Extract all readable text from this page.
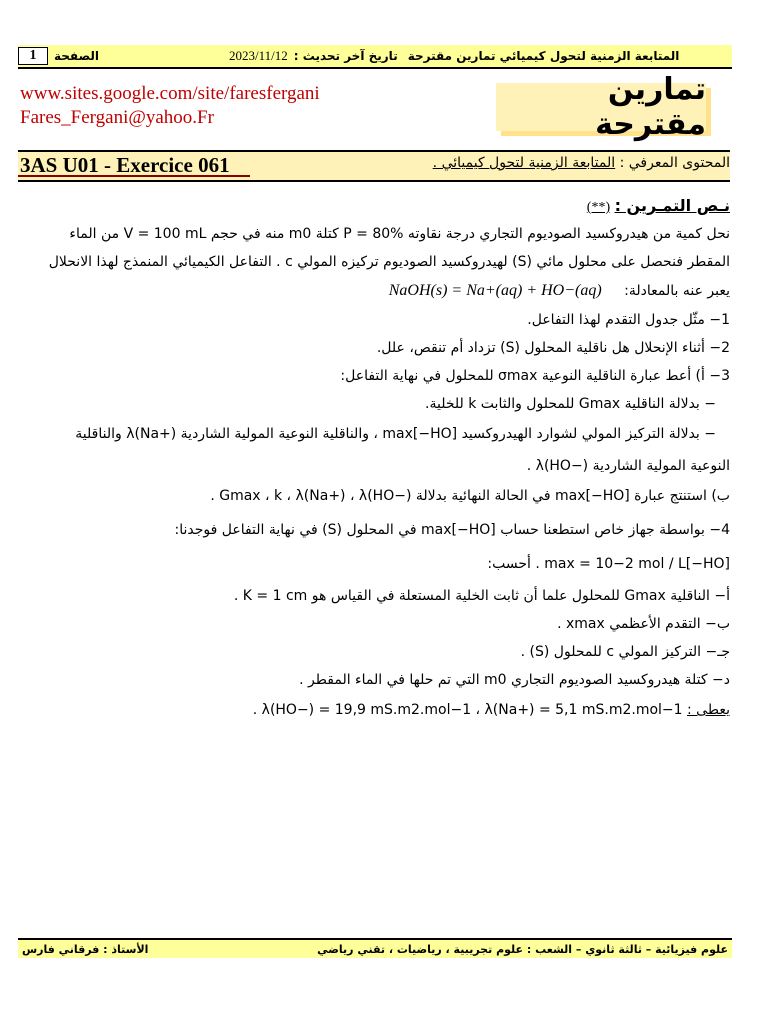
1	الصفحة	2023/11/12 تاريخ آخر تحديث : المتابعة الزمنية لتحول كيميائي تمارين مقترحة
www.sites.google.com/site/faresfergani
Fares_Fergani@yahoo.Fr
تمارين مقترحة
3AS U01 - Exercice 061	المحتوى المعرفي : المتابعة الزمنية لتحول كيميائي .
نـص التمـرين : (**)
نحل كمية من هيدروكسيد الصوديوم التجاري درجة نقاوته P = 80% كتلة m0 منه في حجم V = 100 mL من الماء
المقطر فنحصل على محلول مائي (S) لهيدروكسيد الصوديوم تركيزه المولي c . التفاعل الكيميائي المنمذج لهذا الانحلال
يعبر عنه بالمعادلة: NaOH(s) = Na+(aq) + HO−(aq)
1− مثّل جدول التقدم لهذا التفاعل.
2− أثناء الإنحلال هل ناقلية المحلول (S) تزداد أم تنقص، علل.
3− أ) أعط عبارة الناقلية النوعية σmax للمحلول في نهاية التفاعل:
− بدلالة الناقلية Gmax للمحلول والثابت k للخلية.
− بدلالة التركيز المولي لشوارد الهيدروكسيد [HO−]max ، والناقلية النوعية المولية الشاردية λ(Na+) والناقلية
النوعية المولية الشاردية λ(HO−) .
ب) استنتج عبارة [HO−]max في الحالة النهائية بدلالة Gmax ، k ، λ(Na+) ، λ(HO−) .
4− بواسطة جهاز خاص استطعنا حساب [HO−]max في المحلول (S) في نهاية التفاعل فوجدنا:
[HO−]max = 10−2 mol / L . أحسب:
أ− الناقلية Gmax للمحلول علما أن ثابت الخلية المستعلة في القياس هو K = 1 cm .
ب− التقدم الأعظمي xmax .
جـ− التركيز المولي c للمحلول (S) .
د− كتلة هيدروكسيد الصوديوم التجاري m0 التي تم حلها في الماء المقطر .
يعطى : λ(HO−) = 19,9 mS.m2.mol−1 ، λ(Na+) = 5,1 mS.m2.mol−1 .
الأستاذ : فرقاني فارس	علوم فيزيائية – ثالثة ثانوي – الشعب : علوم تجريبية ، رياضيات ، تقني رياضي
